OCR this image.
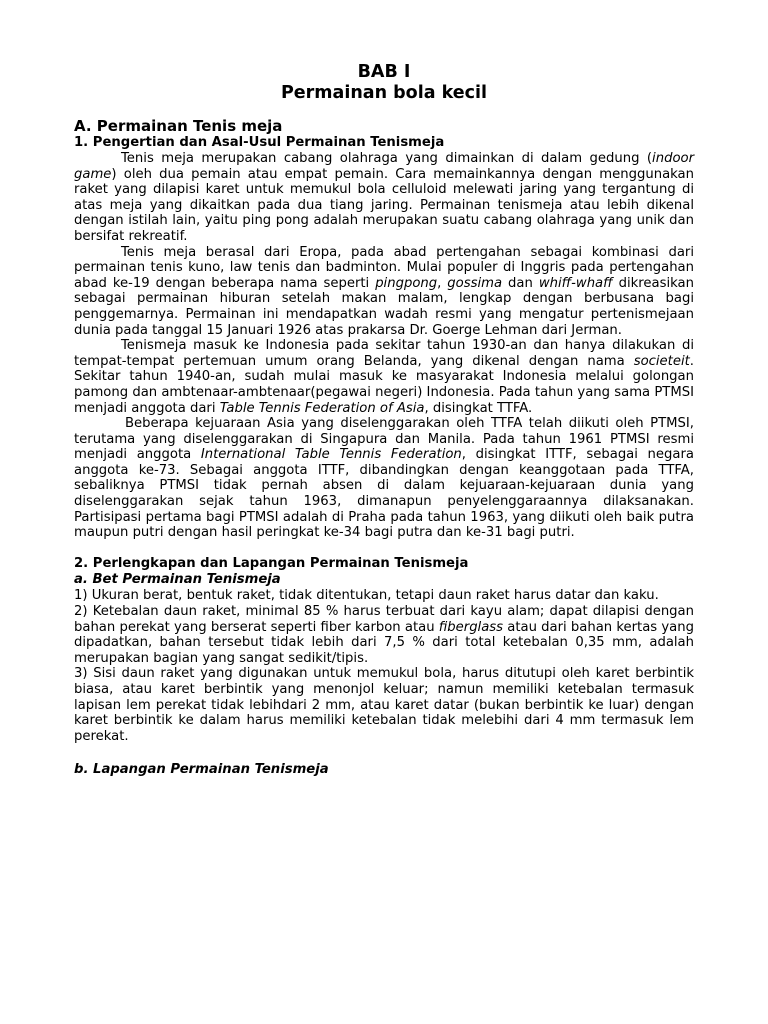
BAB I
Permainan bola kecil
A. Permainan Tenis meja
1. Pengertian dan Asal-Usul Permainan Tenismeja

Tenis meja merupakan cabang olahraga yang dimainkan di dalam gedung (indoor game) oleh dua pemain atau empat pemain. Cara memainkannya dengan menggunakan raket yang dilapisi karet untuk memukul bola celluloid melewati jaring yang tergantung di atas meja yang dikaitkan pada dua tiang jaring. Permainan tenismeja atau lebih dikenal dengan istilah lain, yaitu ping pong adalah merupakan suatu cabang olahraga yang unik dan bersifat rekreatif.

Tenis meja berasal dari Eropa, pada abad pertengahan sebagai kombinasi dari permainan tenis kuno, law tenis dan badminton. Mulai populer di Inggris pada pertengahan abad ke-19 dengan beberapa nama seperti pingpong, gossima dan whiff-whaff dikreasikan sebagai permainan hiburan setelah makan malam, lengkap dengan berbusana bagi penggemarnya. Permainan ini mendapatkan wadah resmi yang mengatur pertenismejaan dunia pada tanggal 15 Januari 1926 atas prakarsa Dr. Goerge Lehman dari Jerman.

Tenismeja masuk ke Indonesia pada sekitar tahun 1930-an dan hanya dilakukan di tempat-tempat pertemuan umum orang Belanda, yang dikenal dengan nama societeit. Sekitar tahun 1940-an, sudah mulai masuk ke masyarakat Indonesia melalui golongan pamong dan ambtenaar-ambtenaar(pegawai negeri) Indonesia. Pada tahun yang sama PTMSI menjadi anggota dari Table Tennis Federation of Asia, disingkat TTFA.

Beberapa kejuaraan Asia yang diselenggarakan oleh TTFA telah diikuti oleh PTMSI, terutama yang diselenggarakan di Singapura dan Manila. Pada tahun 1961 PTMSI resmi menjadi anggota International Table Tennis Federation, disingkat ITTF, sebagai negara anggota ke-73. Sebagai anggota ITTF, dibandingkan dengan keanggotaan pada TTFA, sebaliknya PTMSI tidak pernah absen di dalam kejuaraan-kejuaraan dunia yang diselenggarakan sejak tahun 1963, dimanapun penyelenggaraannya dilaksanakan. Partisipasi pertama bagi PTMSI adalah di Praha pada tahun 1963, yang diikuti oleh baik putra maupun putri dengan hasil peringkat ke-34 bagi putra dan ke-31 bagi putri.

2. Perlengkapan dan Lapangan Permainan Tenismeja
a. Bet Permainan Tenismeja

1) Ukuran berat, bentuk raket, tidak ditentukan, tetapi daun raket harus datar dan kaku.

2) Ketebalan daun raket, minimal 85 % harus terbuat dari kayu alam; dapat dilapisi dengan bahan perekat yang berserat seperti fiber karbon atau fiberglass atau dari bahan kertas yang dipadatkan, bahan tersebut tidak lebih dari 7,5 % dari total ketebalan 0,35 mm, adalah merupakan bagian yang sangat sedikit/tipis.

3) Sisi daun raket yang digunakan untuk memukul bola, harus ditutupi oleh karet berbintik biasa, atau karet berbintik yang menonjol keluar; namun memiliki ketebalan termasuk lapisan lem perekat tidak lebihdari 2 mm, atau karet datar (bukan berbintik ke luar) dengan karet berbintik ke dalam harus memiliki ketebalan tidak melebihi dari 4 mm termasuk lem perekat.

b. Lapangan Permainan Tenismeja
